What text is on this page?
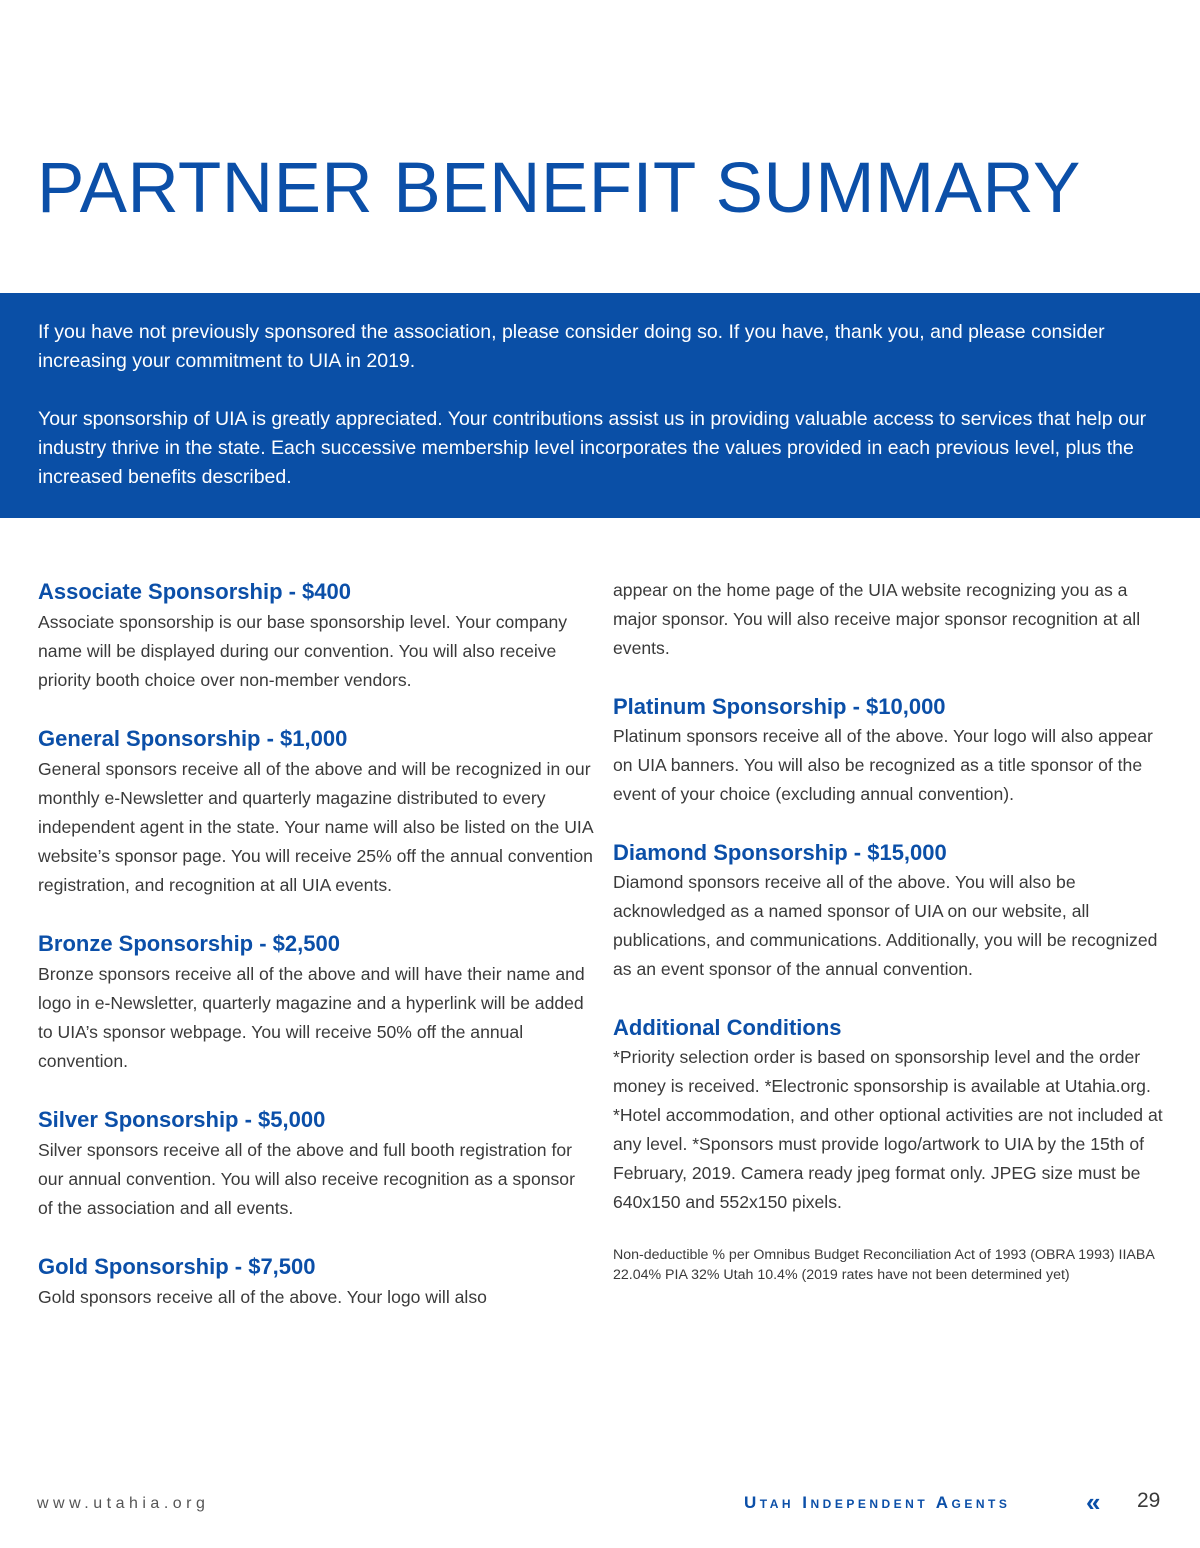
PARTNER BENEFIT SUMMARY

If you have not previously sponsored the association, please consider doing so. If you have, thank you, and please consider increasing your commitment to UIA in 2019.

Your sponsorship of UIA is greatly appreciated. Your contributions assist us in providing valuable access to services that help our industry thrive in the state. Each successive membership level incorporates the values provided in each previous level, plus the increased benefits described.

Associate Sponsorship - $400

Associate sponsorship is our base sponsorship level. Your company name will be displayed during our convention. You will also receive priority booth choice over non-member vendors.

General Sponsorship - $1,000

General sponsors receive all of the above and will be recognized in our monthly e-Newsletter and quarterly magazine distributed to every independent agent in the state. Your name will also be listed on the UIA website’s sponsor page. You will receive 25% off the annual convention registration, and recognition at all UIA events.

Bronze Sponsorship - $2,500

Bronze sponsors receive all of the above and will have their name and logo in e-Newsletter, quarterly magazine and a hyperlink will be added to UIA’s sponsor webpage. You will receive 50% off the annual convention.

Silver Sponsorship - $5,000

Silver sponsors receive all of the above and full booth registration for our annual convention. You will also receive recognition as a sponsor of the association and all events.

Gold Sponsorship - $7,500

Gold sponsors receive all of the above. Your logo will also

appear on the home page of the UIA website recognizing you as a major sponsor. You will also receive major sponsor recognition at all events.

Platinum Sponsorship - $10,000

Platinum sponsors receive all of the above. Your logo will also appear on UIA banners. You will also be recognized as a title sponsor of the event of your choice (excluding annual convention).

Diamond Sponsorship - $15,000

Diamond sponsors receive all of the above. You will also be acknowledged as a named sponsor of UIA on our website, all publications, and communications. Additionally, you will be recognized as an event sponsor of the annual convention.

Additional Conditions

*Priority selection order is based on sponsorship level and the order money is received. *Electronic sponsorship is available at Utahia.org. *Hotel accommodation, and other optional activities are not included at any level. *Sponsors must provide logo/artwork to UIA by the 15th of February, 2019. Camera ready jpeg format only. JPEG size must be 640x150 and 552x150 pixels.

Non-deductible % per Omnibus Budget Reconciliation Act of 1993 (OBRA 1993) IIABA 22.04% PIA 32% Utah 10.4% (2019 rates have not been determined yet)

www.utahia.org	Utah Independent Agents	« 29
